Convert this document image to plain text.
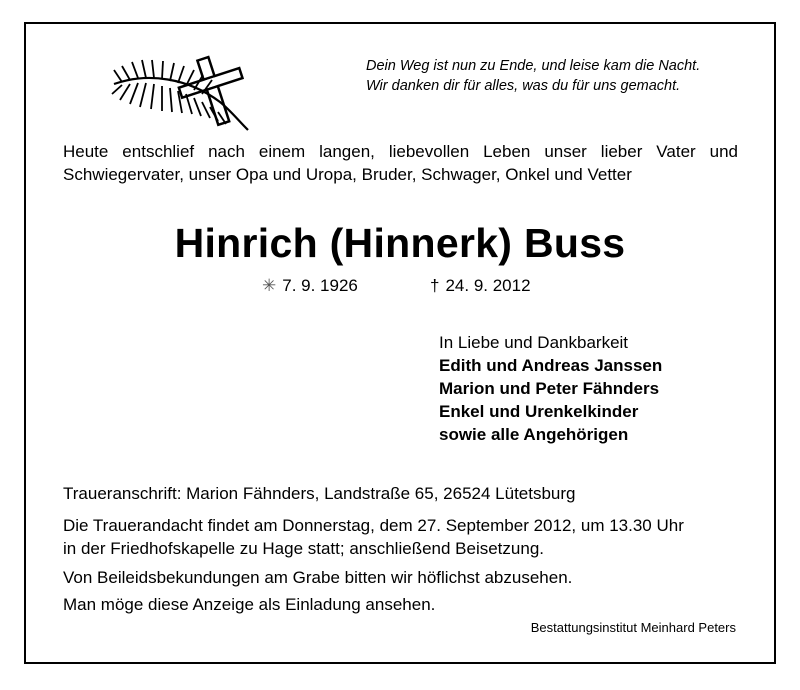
Dein Weg ist nun zu Ende, und leise kam die Nacht.
Wir danken dir für alles, was du für uns gemacht.
Heute entschlief nach einem langen, liebevollen Leben unser lieber Vater und Schwiegervater, unser Opa und Uropa, Bruder, Schwager, Onkel und Vetter
Hinrich (Hinnerk) Buss
✳ 7. 9. 1926	† 24. 9. 2012
In Liebe und Dankbarkeit
Edith und Andreas Janssen
Marion und Peter Fähnders
Enkel und Urenkelkinder
sowie alle Angehörigen
Traueranschrift: Marion Fähnders, Landstraße 65, 26524 Lütetsburg
Die Trauerandacht findet am Donnerstag, dem 27. September 2012, um 13.30 Uhr
in der Friedhofskapelle zu Hage statt; anschließend Beisetzung.
Von Beileidsbekundungen am Grabe bitten wir höflichst abzusehen.
Man möge diese Anzeige als Einladung ansehen.
Bestattungsinstitut Meinhard Peters
